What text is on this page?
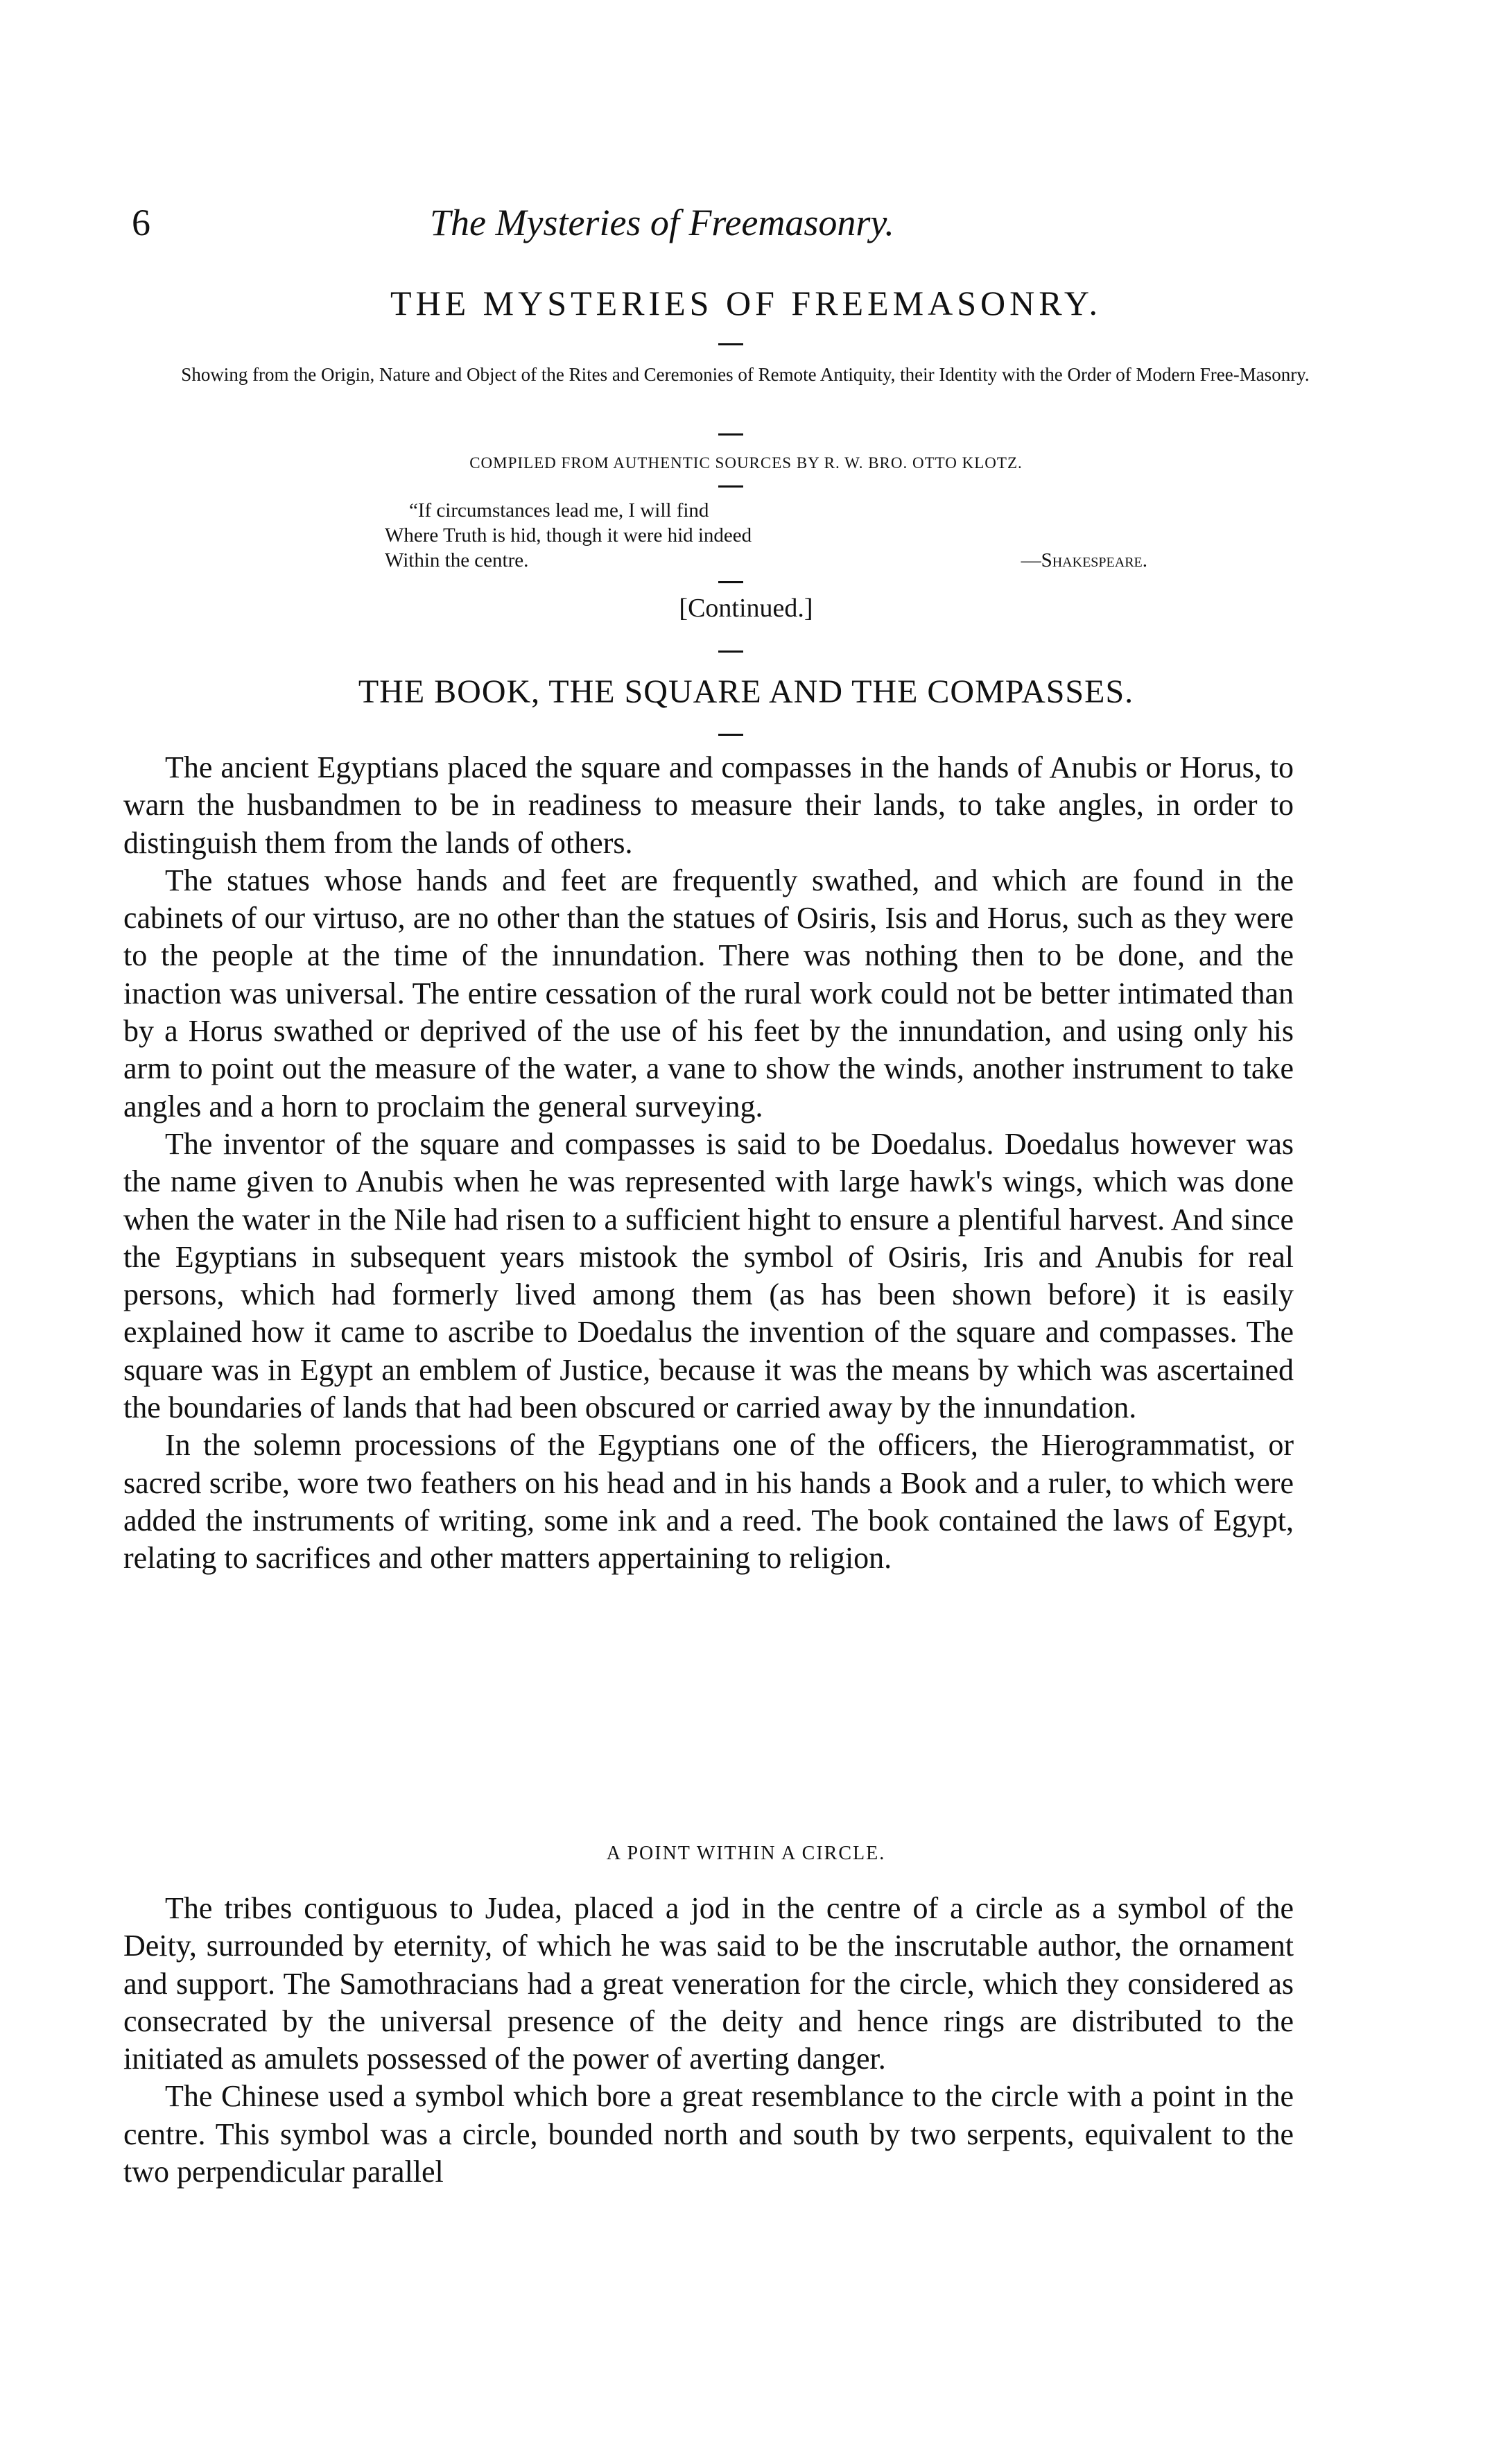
6	The Mysteries of Freemasonry.
THE MYSTERIES OF FREEMASONRY.
Showing from the Origin, Nature and Object of the Rites and Ceremonies of Remote Antiquity, their Identity with the Order of Modern Free-Masonry.
COMPILED FROM AUTHENTIC SOURCES BY R. W. BRO. OTTO KLOTZ.
“If circumstances lead me, I will find
Where Truth is hid, though it were hid indeed
Within the centre.	—Shakespeare.
[Continued.]
THE BOOK, THE SQUARE AND THE COMPASSES.

The ancient Egyptians placed the square and compasses in the hands of Anubis or Horus, to warn the husbandmen to be in readiness to measure their lands, to take angles, in order to distinguish them from the lands of others.

The statues whose hands and feet are frequently swathed, and which are found in the cabinets of our virtuso, are no other than the statues of Osiris, Isis and Horus, such as they were to the people at the time of the innundation. There was nothing then to be done, and the inaction was universal. The entire cessation of the rural work could not be better intimated than by a Horus swathed or deprived of the use of his feet by the innundation, and using only his arm to point out the measure of the water, a vane to show the winds, another instrument to take angles and a horn to proclaim the general surveying.

The inventor of the square and compasses is said to be Doedalus. Doedalus however was the name given to Anubis when he was represented with large hawk's wings, which was done when the water in the Nile had risen to a sufficient hight to ensure a plentiful harvest. And since the Egyptians in subsequent years mistook the symbol of Osiris, Iris and Anubis for real persons, which had formerly lived among them (as has been shown before) it is easily explained how it came to ascribe to Doedalus the invention of the square and compasses. The square was in Egypt an emblem of Justice, because it was the means by which was ascertained the boundaries of lands that had been obscured or carried away by the innundation.

In the solemn processions of the Egyptians one of the officers, the Hierogrammatist, or sacred scribe, wore two feathers on his head and in his hands a Book and a ruler, to which were added the instruments of writing, some ink and a reed. The book contained the laws of Egypt, relating to sacrifices and other matters appertaining to religion.

A POINT WITHIN A CIRCLE.

The tribes contiguous to Judea, placed a jod in the centre of a circle as a symbol of the Deity, surrounded by eternity, of which he was said to be the inscrutable author, the ornament and support. The Samothracians had a great veneration for the circle, which they considered as consecrated by the universal presence of the deity and hence rings are distributed to the initiated as amulets possessed of the power of averting danger.

The Chinese used a symbol which bore a great resemblance to the circle with a point in the centre. This symbol was a circle, bounded north and south by two serpents, equivalent to the two perpendicular parallel
